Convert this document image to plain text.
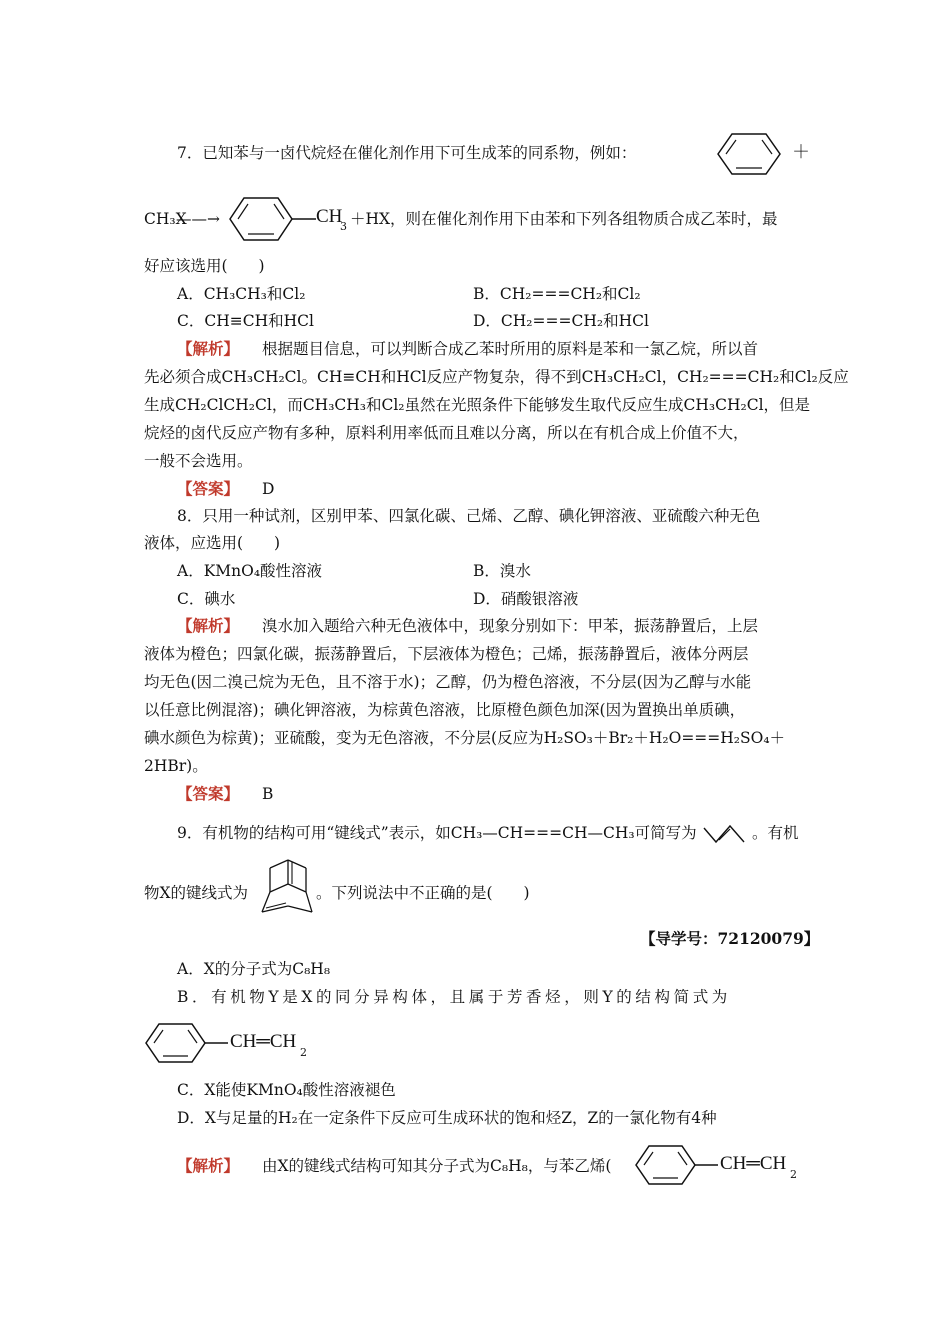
7．已知苯与一卤代烷烃在催化剂作用下可生成苯的同系物，例如：	＋
CH₃X
——→	CH
3 ＋HX，则在催化剂作用下由苯和下列各组物质合成乙苯时，最
好应该选用(　　)
A．CH₃CH₃和Cl₂	B．CH₂===CH₂和Cl₂
C．CH≡CH和HCl	D．CH₂===CH₂和HCl
【解析】 根据题目信息，可以判断合成乙苯时所用的原料是苯和一氯乙烷，所以首
先必须合成CH₃CH₂Cl。CH≡CH和HCl反应产物复杂，得不到CH₃CH₂Cl，CH₂===CH₂和Cl₂反应
生成CH₂ClCH₂Cl，而CH₃CH₃和Cl₂虽然在光照条件下能够发生取代反应生成CH₃CH₂Cl，但是
烷烃的卤代反应产物有多种，原料利用率低而且难以分离，所以在有机合成上价值不大，
一般不会选用。
【答案】 D
8．只用一种试剂，区别甲苯、四氯化碳、己烯、乙醇、碘化钾溶液、亚硫酸六种无色
液体，应选用(　　)
A．KMnO₄酸性溶液	B．溴水
C．碘水	D．硝酸银溶液
【解析】 溴水加入题给六种无色液体中，现象分别如下：甲苯，振荡静置后，上层
液体为橙色；四氯化碳，振荡静置后，下层液体为橙色；己烯，振荡静置后，液体分两层
均无色(因二溴己烷为无色，且不溶于水)；乙醇，仍为橙色溶液，不分层(因为乙醇与水能
以任意比例混溶)；碘化钾溶液，为棕黄色溶液，比原橙色颜色加深(因为置换出单质碘，
碘水颜色为棕黄)；亚硫酸，变为无色溶液，不分层(反应为H₂SO₃＋Br₂＋H₂O===H₂SO₄＋
2HBr)。
【答案】 B
9．有机物的结构可用“键线式”表示，如CH₃—CH===CH—CH₃可简写为	。有机
物X的键线式为	。下列说法中不正确的是(　　)
【导学号：72120079】
A．X的分子式为C₈H₈
B．有机物Y是X的同分异构体，且属于芳香烃，则Y的结构简式为
CH═CH
2
C．X能使KMnO₄酸性溶液褪色
D．X与足量的H₂在一定条件下反应可生成环状的饱和烃Z，Z的一氯化物有4种
【解析】 由X的键线式结构可知其分子式为C₈H₈，与苯乙烯(	CH═CH
2
